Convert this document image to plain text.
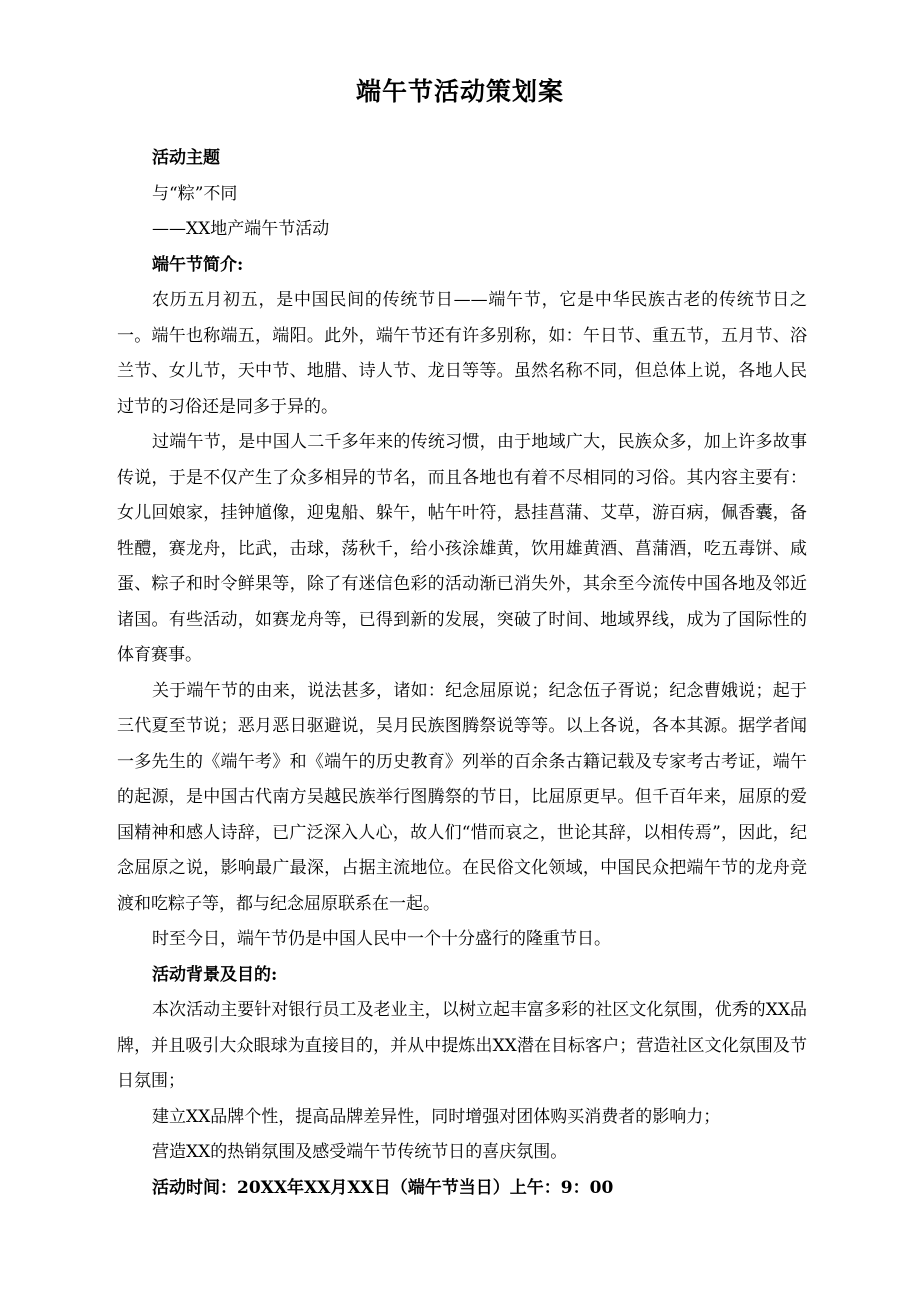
端午节活动策划案

活动主题

与“粽”不同

——XX地产端午节活动

端午节简介:

农历五月初五，是中国民间的传统节日——端午节，它是中华民族古老的传统节日之一。端午也称端五，端阳。此外，端午节还有许多别称，如：午日节、重五节，五月节、浴兰节、女儿节，天中节、地腊、诗人节、龙日等等。虽然名称不同，但总体上说，各地人民过节的习俗还是同多于异的。

过端午节，是中国人二千多年来的传统习惯，由于地域广大，民族众多，加上许多故事传说，于是不仅产生了众多相异的节名，而且各地也有着不尽相同的习俗。其内容主要有：女儿回娘家，挂钟馗像，迎鬼船、躲午，帖午叶符，悬挂菖蒲、艾草，游百病，佩香囊，备牲醴，赛龙舟，比武，击球，荡秋千，给小孩涂雄黄，饮用雄黄酒、菖蒲酒，吃五毒饼、咸蛋、粽子和时令鲜果等，除了有迷信色彩的活动渐已消失外，其余至今流传中国各地及邻近诸国。有些活动，如赛龙舟等，已得到新的发展，突破了时间、地域界线，成为了国际性的体育赛事。

关于端午节的由来，说法甚多，诸如：纪念屈原说；纪念伍子胥说；纪念曹娥说；起于三代夏至节说；恶月恶日驱避说，吴月民族图腾祭说等等。以上各说，各本其源。据学者闻一多先生的《端午考》和《端午的历史教育》列举的百余条古籍记载及专家考古考证，端午的起源，是中国古代南方吴越民族举行图腾祭的节日，比屈原更早。但千百年来，屈原的爱国精神和感人诗辞，已广泛深入人心，故人们“惜而哀之，世论其辞，以相传焉”，因此，纪念屈原之说，影响最广最深，占据主流地位。在民俗文化领域，中国民众把端午节的龙舟竞渡和吃粽子等，都与纪念屈原联系在一起。

时至今日，端午节仍是中国人民中一个十分盛行的隆重节日。

活动背景及目的:

本次活动主要针对银行员工及老业主，以树立起丰富多彩的社区文化氛围，优秀的XX品牌，并且吸引大众眼球为直接目的，并从中提炼出XX潜在目标客户；营造社区文化氛围及节日氛围；

建立XX品牌个性，提高品牌差异性，同时增强对团体购买消费者的影响力；

营造XX的热销氛围及感受端午节传统节日的喜庆氛围。

活动时间：20XX年XX月XX日（端午节当日）上午：9：00
